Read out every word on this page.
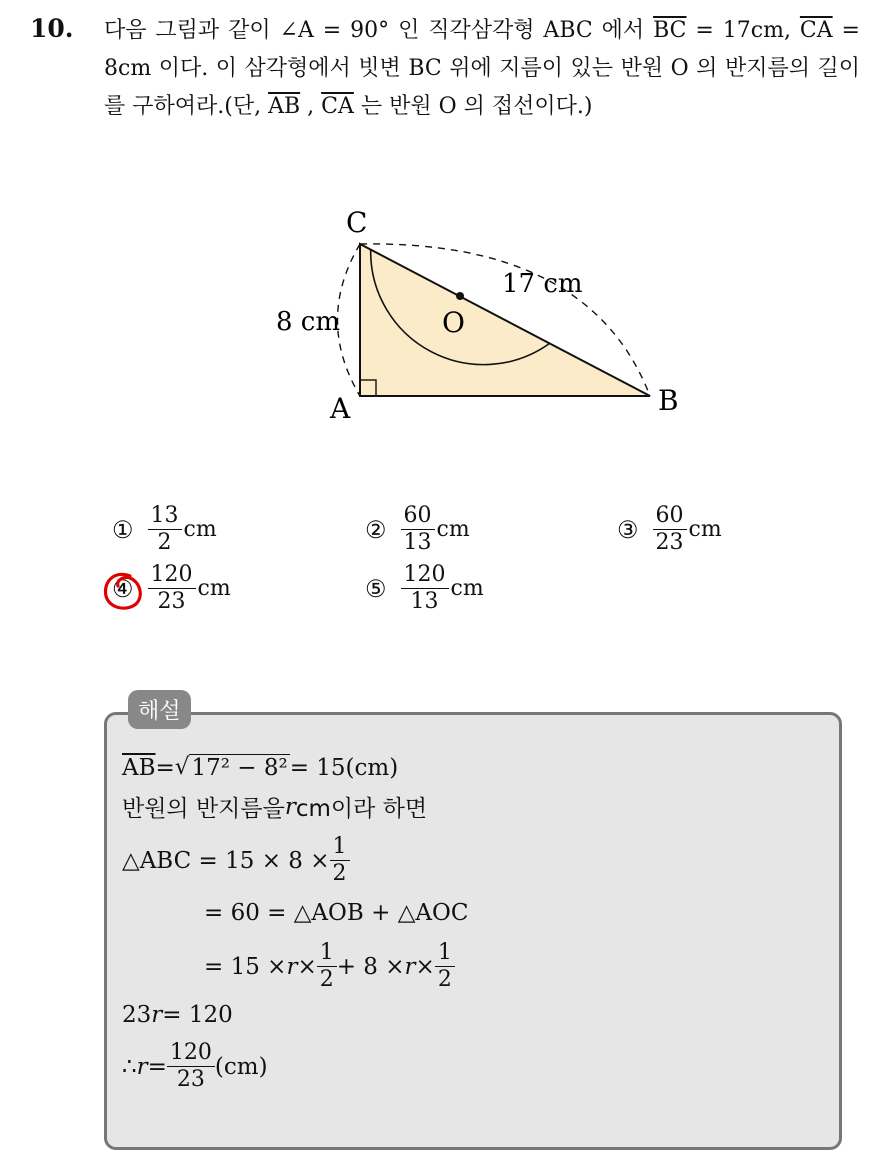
10. 다음 그림과 같이 ∠A = 90° 인 직각삼각형 ABC 에서 $\overline{BC} = 17cm$, $\overline{CA} = 8cm$ 이다. 이 삼각형에서 빗변 BC 위에 지름이 있는 반원 O 의 반지름의 길이를 구하여라.(단, $\overline{AB}$ , $\overline{CA}$ 는 반원 O 의 접선이다.)
C
A	B
O
8 cm
17 cm
① $\frac{13}{2}$ cm	② $\frac{60}{13}$ cm	③ $\frac{60}{23}$ cm
④ $\frac{120}{23}$ cm	⑤ $\frac{120}{13}$ cm
해설
$\overline{AB}$ = √ 17² − 8² = 15(cm)
반원의 반지름을 r cm이라 하면
△ABC = $15 \times 8 \times \frac{1}{2}$
= 60 = △AOB + △AOC
= $15 \times r \times \frac{1}{2} + 8 \times r \times \frac{1}{2}$
23 r = 120
∴ $r = \frac{120}{23} (cm)$
